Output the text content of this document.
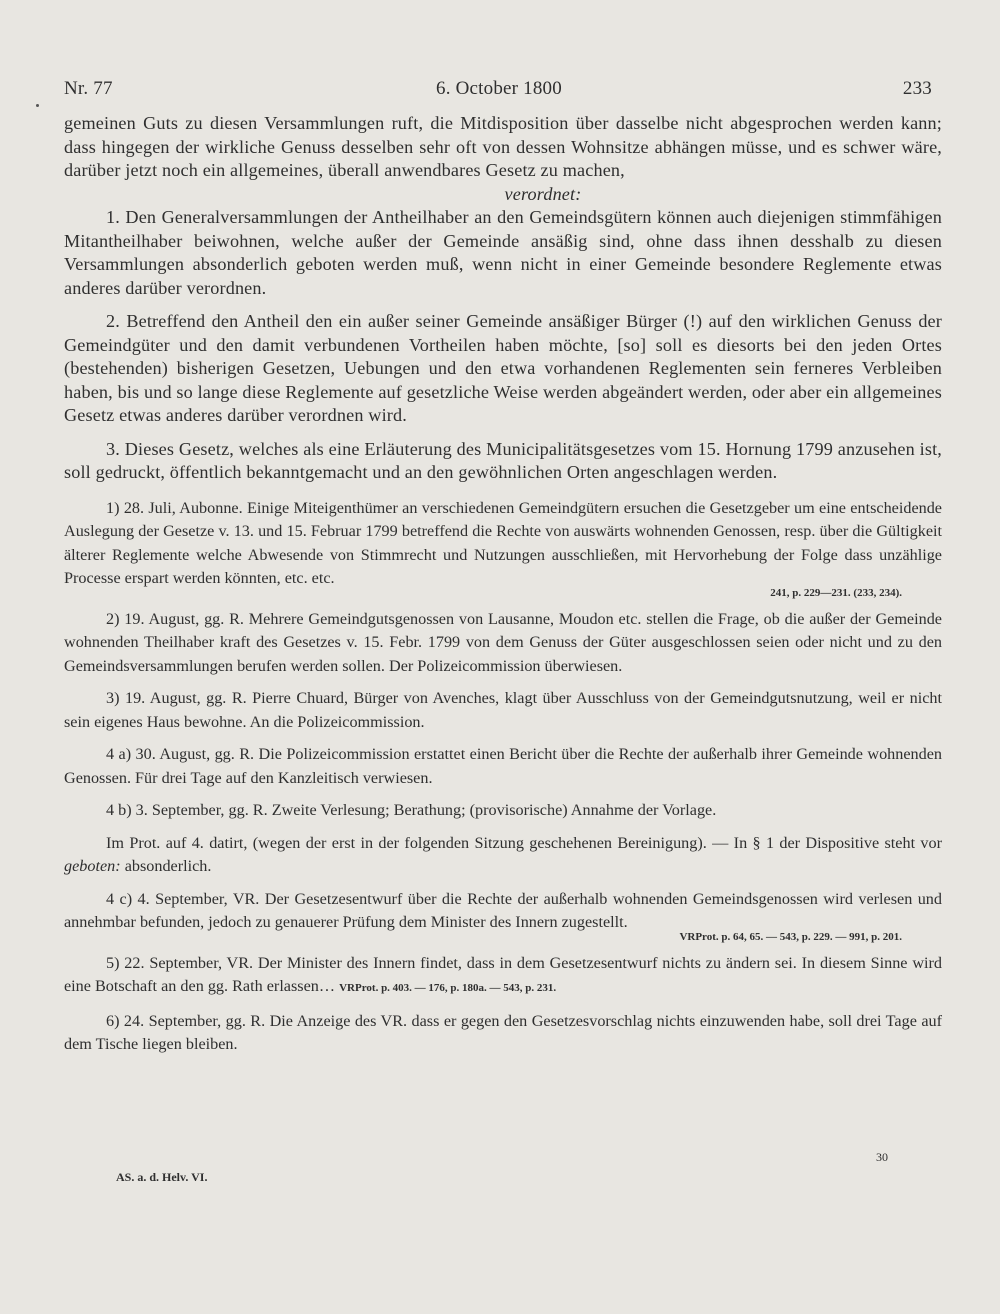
Nr. 77	6. October 1800	233

gemeinen Guts zu diesen Versammlungen ruft, die Mitdisposition über dasselbe nicht abgesprochen werden kann; dass hingegen der wirkliche Genuss desselben sehr oft von dessen Wohnsitze abhängen müsse, und es schwer wäre, darüber jetzt noch ein allgemeines, überall anwendbares Gesetz zu machen,

verordnet:

1. Den Generalversammlungen der Antheilhaber an den Gemeindsgütern können auch diejenigen stimmfähigen Mitantheilhaber beiwohnen, welche außer der Gemeinde ansäßig sind, ohne dass ihnen desshalb zu diesen Versammlungen absonderlich geboten werden muß, wenn nicht in einer Gemeinde besondere Reglemente etwas anderes darüber verordnen.

2. Betreffend den Antheil den ein außer seiner Gemeinde ansäßiger Bürger (!) auf den wirklichen Genuss der Gemeindgüter und den damit verbundenen Vortheilen haben möchte, [so] soll es diesorts bei den jeden Ortes (bestehenden) bisherigen Gesetzen, Uebungen und den etwa vorhandenen Reglementen sein ferneres Verbleiben haben, bis und so lange diese Reglemente auf gesetzliche Weise werden abgeändert werden, oder aber ein allgemeines Gesetz etwas anderes darüber verordnen wird.

3. Dieses Gesetz, welches als eine Erläuterung des Municipalitätsgesetzes vom 15. Hornung 1799 anzusehen ist, soll gedruckt, öffentlich bekanntgemacht und an den gewöhnlichen Orten angeschlagen werden.

1) 28. Juli, Aubonne. Einige Miteigenthümer an verschiedenen Gemeindgütern ersuchen die Gesetzgeber um eine entscheidende Auslegung der Gesetze v. 13. und 15. Februar 1799 betreffend die Rechte von auswärts wohnenden Genossen, resp. über die Gültigkeit älterer Reglemente welche Abwesende von Stimmrecht und Nutzungen ausschließen, mit Hervorhebung der Folge dass unzählige Processe erspart werden könnten, etc. etc.
241, p. 229—231. (233, 234).

2) 19. August, gg. R. Mehrere Gemeindgutsgenossen von Lausanne, Moudon etc. stellen die Frage, ob die außer der Gemeinde wohnenden Theilhaber kraft des Gesetzes v. 15. Febr. 1799 von dem Genuss der Güter ausgeschlossen seien oder nicht und zu den Gemeindsversammlungen berufen werden sollen. Der Polizeicommission überwiesen.

3) 19. August, gg. R. Pierre Chuard, Bürger von Avenches, klagt über Ausschluss von der Gemeindgutsnutzung, weil er nicht sein eigenes Haus bewohne. An die Polizeicommission.

4 a) 30. August, gg. R. Die Polizeicommission erstattet einen Bericht über die Rechte der außerhalb ihrer Gemeinde wohnenden Genossen. Für drei Tage auf den Kanzleitisch verwiesen.

4 b) 3. September, gg. R. Zweite Verlesung; Berathung; (provisorische) Annahme der Vorlage.

Im Prot. auf 4. datirt, (wegen der erst in der folgenden Sitzung geschehenen Bereinigung). — In § 1 der Dispositive steht vor geboten: absonderlich.

4 c) 4. September, VR. Der Gesetzesentwurf über die Rechte der außerhalb wohnenden Gemeindsgenossen wird verlesen und annehmbar befunden, jedoch zu genauerer Prüfung dem Minister des Innern zugestellt.
VRProt. p. 64, 65. — 543, p. 229. — 991, p. 201.

5) 22. September, VR. Der Minister des Innern findet, dass in dem Gesetzesentwurf nichts zu ändern sei. In diesem Sinne wird eine Botschaft an den gg. Rath erlassen… VRProt. p. 403. — 176, p. 180a. — 543, p. 231.

6) 24. September, gg. R. Die Anzeige des VR. dass er gegen den Gesetzesvorschlag nichts einzuwenden habe, soll drei Tage auf dem Tische liegen bleiben.

AS. a. d. Helv. VI.
30
